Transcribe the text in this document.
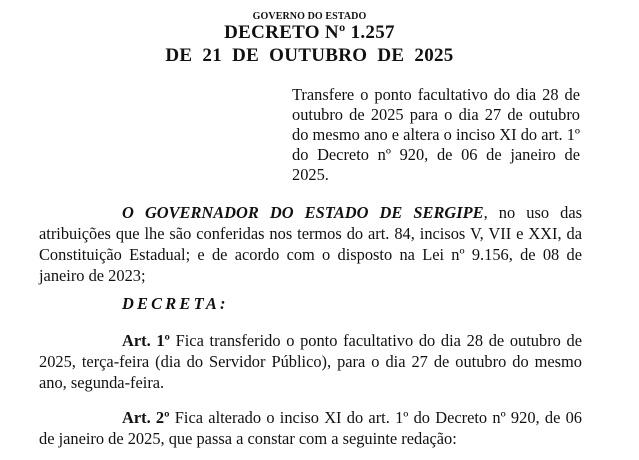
GOVERNO DO ESTADO
DECRETO Nº 1.257
DE 21 DE OUTUBRO DE 2025
Transfere o ponto facultativo do dia 28 de outubro de 2025 para o dia 27 de outubro do mesmo ano e altera o inciso XI do art. 1º do Decreto nº 920, de 06 de janeiro de 2025.

O GOVERNADOR DO ESTADO DE SERGIPE, no uso das atribuições que lhe são conferidas nos termos do art. 84, incisos V, VII e XXI, da Constituição Estadual; e de acordo com o disposto na Lei nº 9.156, de 08 de janeiro de 2023;

DECRETA:

Art. 1º Fica transferido o ponto facultativo do dia 28 de outubro de 2025, terça-feira (dia do Servidor Público), para o dia 27 de outubro do mesmo ano, segunda-feira.

Art. 2º Fica alterado o inciso XI do art. 1º do Decreto nº 920, de 06 de janeiro de 2025, que passa a constar com a seguinte redação:
